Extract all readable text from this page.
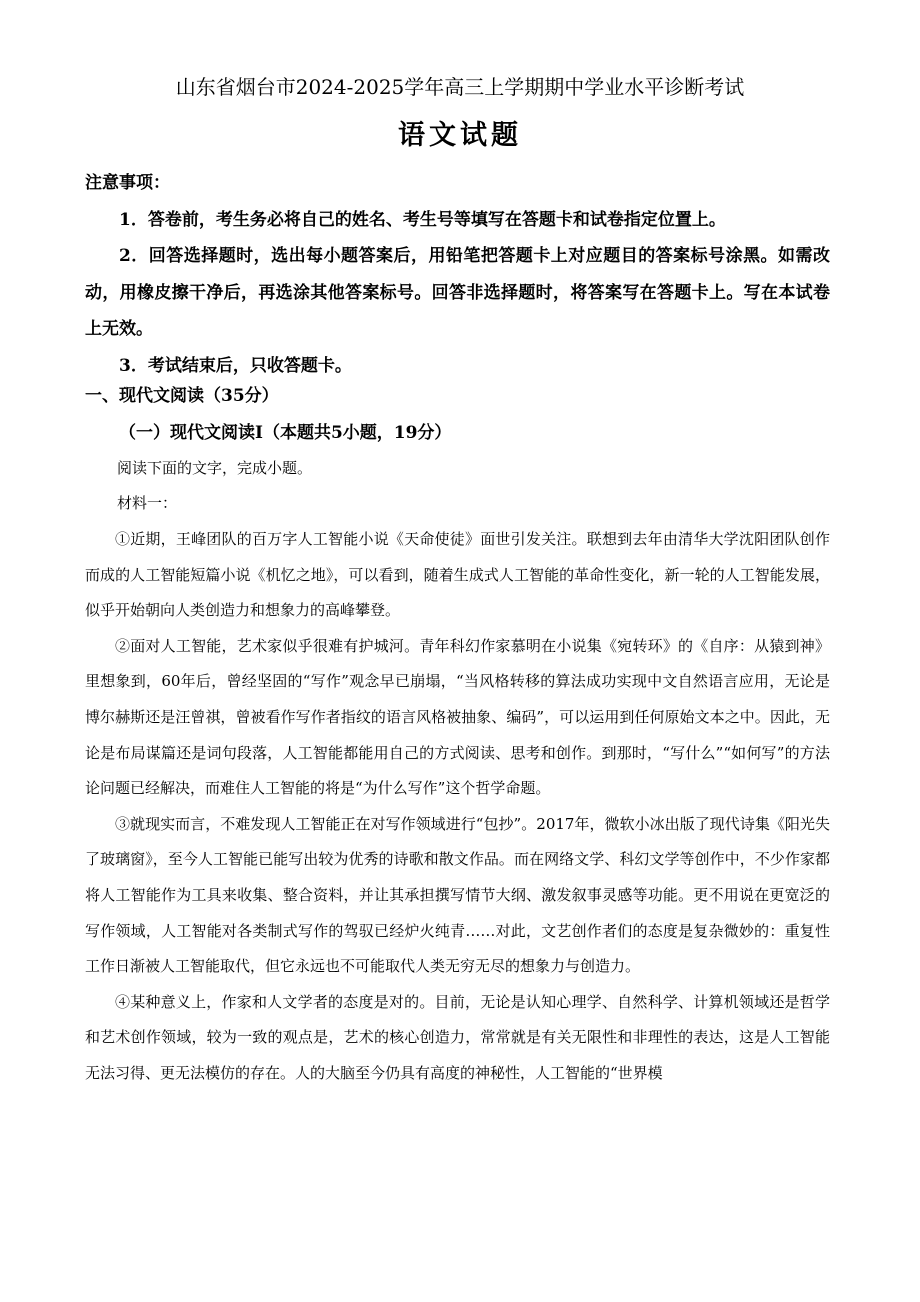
山东省烟台市2024-2025学年高三上学期期中学业水平诊断考试
语文试题

注意事项：

1．答卷前，考生务必将自己的姓名、考生号等填写在答题卡和试卷指定位置上。

2．回答选择题时，选出每小题答案后，用铅笔把答题卡上对应题目的答案标号涂黑。如需改动，用橡皮擦干净后，再选涂其他答案标号。回答非选择题时，将答案写在答题卡上。写在本试卷上无效。

3．考试结束后，只收答题卡。

一、现代文阅读（35分）
（一）现代文阅读Ⅰ（本题共5小题，19分）
阅读下面的文字，完成小题。
材料一：

①近期，王峰团队的百万字人工智能小说《天命使徒》面世引发关注。联想到去年由清华大学沈阳团队创作而成的人工智能短篇小说《机忆之地》，可以看到，随着生成式人工智能的革命性变化，新一轮的人工智能发展，似乎开始朝向人类创造力和想象力的高峰攀登。

②面对人工智能，艺术家似乎很难有护城河。青年科幻作家慕明在小说集《宛转环》的《自序：从猿到神》里想象到，60年后，曾经坚固的“写作”观念早已崩塌，“当风格转移的算法成功实现中文自然语言应用，无论是博尔赫斯还是汪曾祺，曾被看作写作者指纹的语言风格被抽象、编码”，可以运用到任何原始文本之中。因此，无论是布局谋篇还是词句段落，人工智能都能用自己的方式阅读、思考和创作。到那时，“写什么”“如何写”的方法论问题已经解决，而难住人工智能的将是“为什么写作”这个哲学命题。

③就现实而言，不难发现人工智能正在对写作领域进行“包抄”。2017年，微软小冰出版了现代诗集《阳光失了玻璃窗》，至今人工智能已能写出较为优秀的诗歌和散文作品。而在网络文学、科幻文学等创作中，不少作家都将人工智能作为工具来收集、整合资料，并让其承担撰写情节大纲、激发叙事灵感等功能。更不用说在更宽泛的写作领域，人工智能对各类制式写作的驾驭已经炉火纯青……对此，文艺创作者们的态度是复杂微妙的：重复性工作日渐被人工智能取代，但它永远也不可能取代人类无穷无尽的想象力与创造力。

④某种意义上，作家和人文学者的态度是对的。目前，无论是认知心理学、自然科学、计算机领域还是哲学和艺术创作领域，较为一致的观点是，艺术的核心创造力，常常就是有关无限性和非理性的表达，这是人工智能无法习得、更无法模仿的存在。人的大脑至今仍具有高度的神秘性，人工智能的“世界模
